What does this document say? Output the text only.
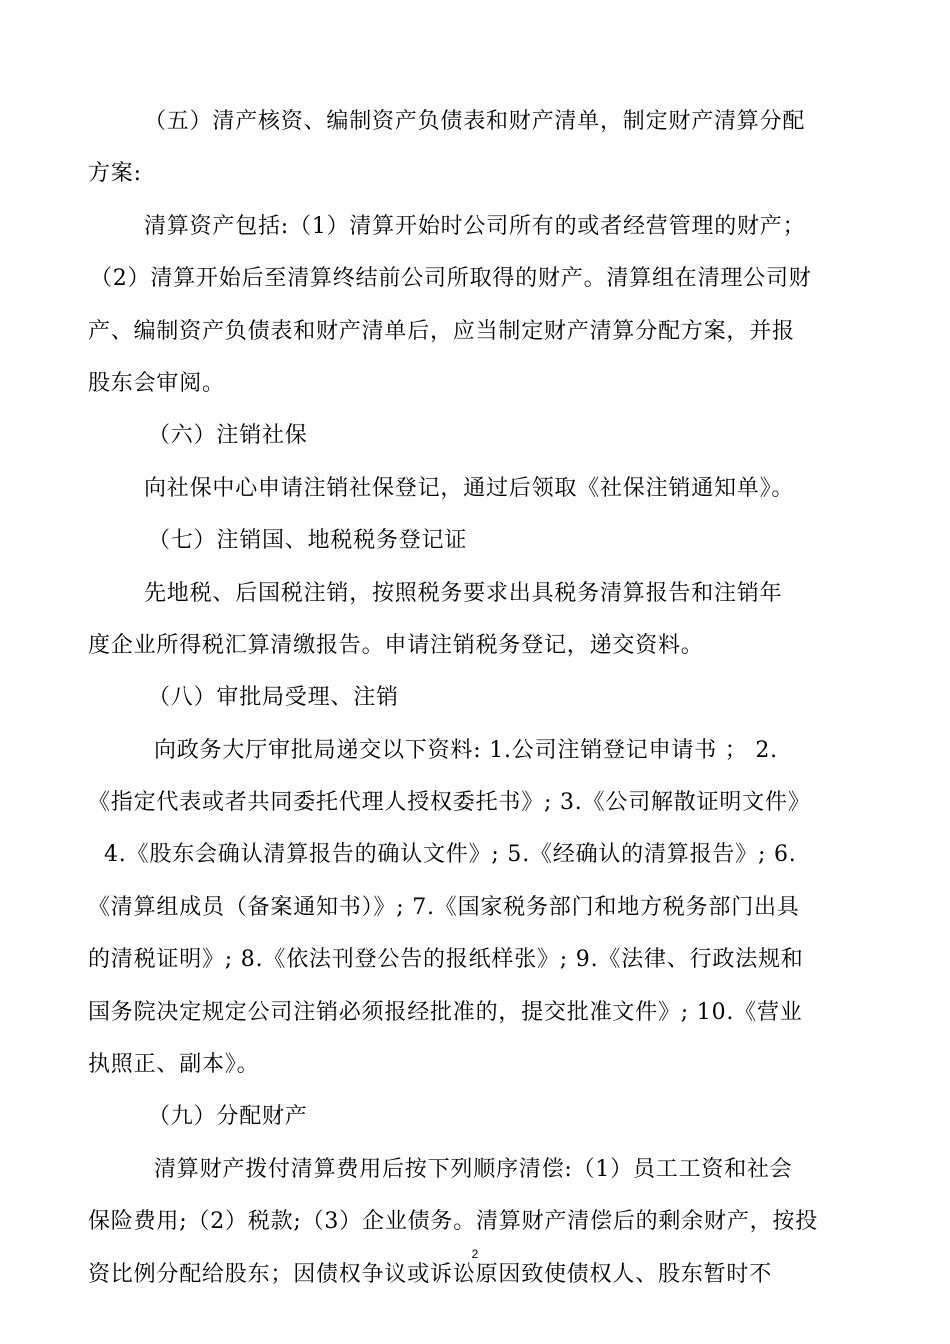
（五）清产核资、编制资产负债表和财产清单，制定财产清算分配
方案:
清算资产包括:（1）清算开始时公司所有的或者经营管理的财产；
（2）清算开始后至清算终结前公司所取得的财产。清算组在清理公司财
产、编制资产负债表和财产清单后，应当制定财产清算分配方案，并报
股东会审阅。
（六）注销社保
向社保中心申请注销社保登记，通过后领取《社保注销通知单》。
（七）注销国、地税税务登记证
先地税、后国税注销，按照税务要求出具税务清算报告和注销年
度企业所得税汇算清缴报告。申请注销税务登记，递交资料。
（八）审批局受理、注销
向政务大厅审批局递交以下资料: 1.公司注销登记申请书 ； 2.
《指定代表或者共同委托代理人授权委托书》; 3.《公司解散证明文件》
4.《股东会确认清算报告的确认文件》; 5.《经确认的清算报告》; 6.
《清算组成员（备案通知书）》; 7.《国家税务部门和地方税务部门出具
的清税证明》; 8.《依法刊登公告的报纸样张》; 9.《法律、行政法规和
国务院决定规定公司注销必须报经批准的，提交批准文件》; 10.《营业
执照正、副本》。
（九）分配财产
清算财产拨付清算费用后按下列顺序清偿:（1）员工工资和社会
保险费用;（2）税款;（3）企业债务。清算财产清偿后的剩余财产，按投
资比例分配给股东；因债权争议或诉讼原因致使债权人、股东暂时不
2
